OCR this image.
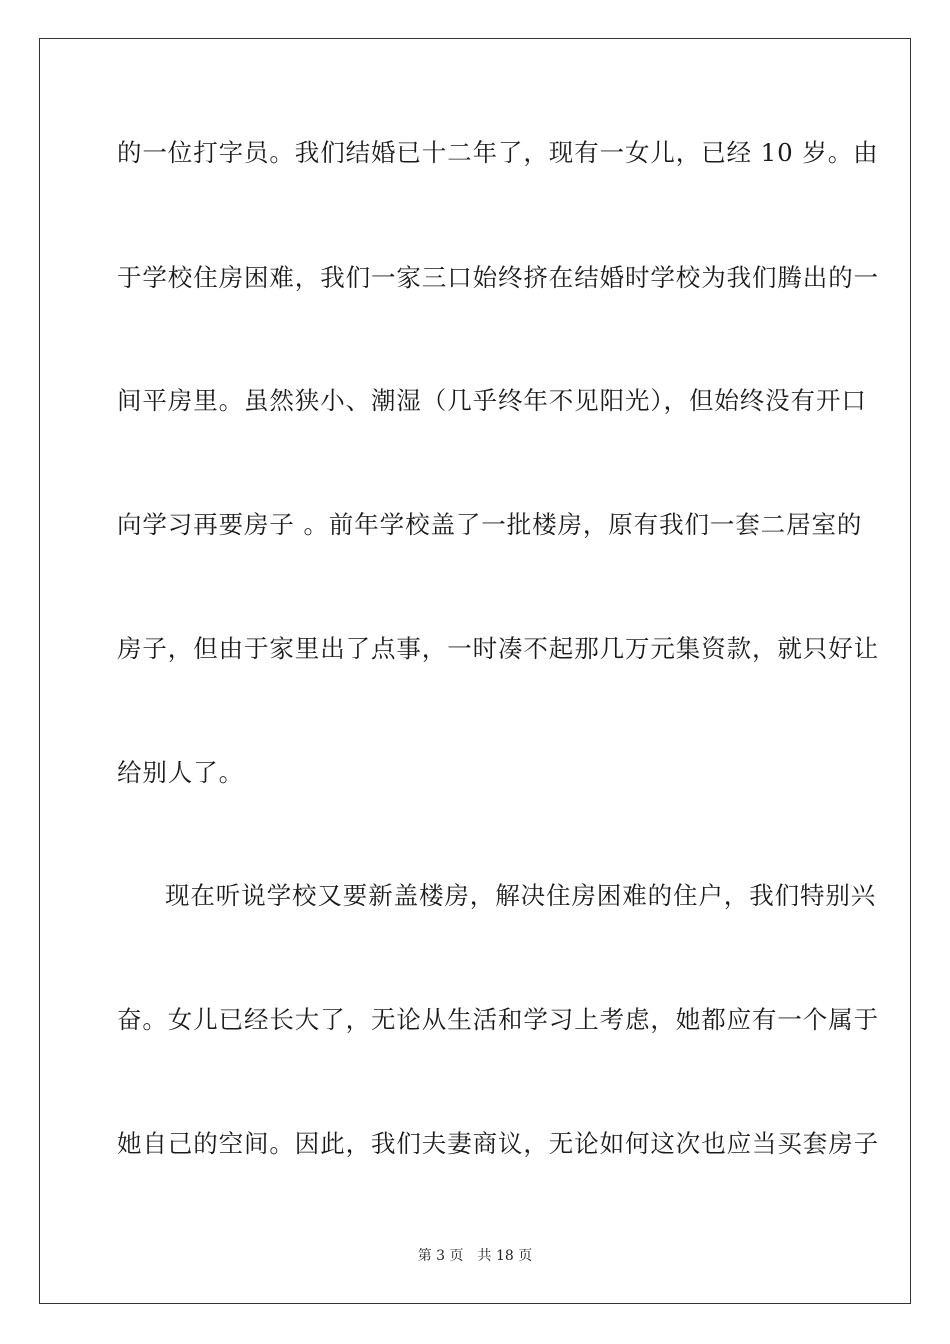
的一位打字员。我们结婚已十二年了，现有一女儿，已经 10 岁。由
于学校住房困难，我们一家三口始终挤在结婚时学校为我们腾出的一
间平房里。虽然狭小、潮湿（几乎终年不见阳光），但始终没有开口
向学习再要房子 。前年学校盖了一批楼房，原有我们一套二居室的
房子，但由于家里出了点事，一时凑不起那几万元集资款，就只好让
给别人了。
现在听说学校又要新盖楼房，解决住房困难的住户，我们特别兴
奋。女儿已经长大了，无论从生活和学习上考虑，她都应有一个属于
她自己的空间。因此，我们夫妻商议，无论如何这次也应当买套房子
第 3 页 共 18 页
